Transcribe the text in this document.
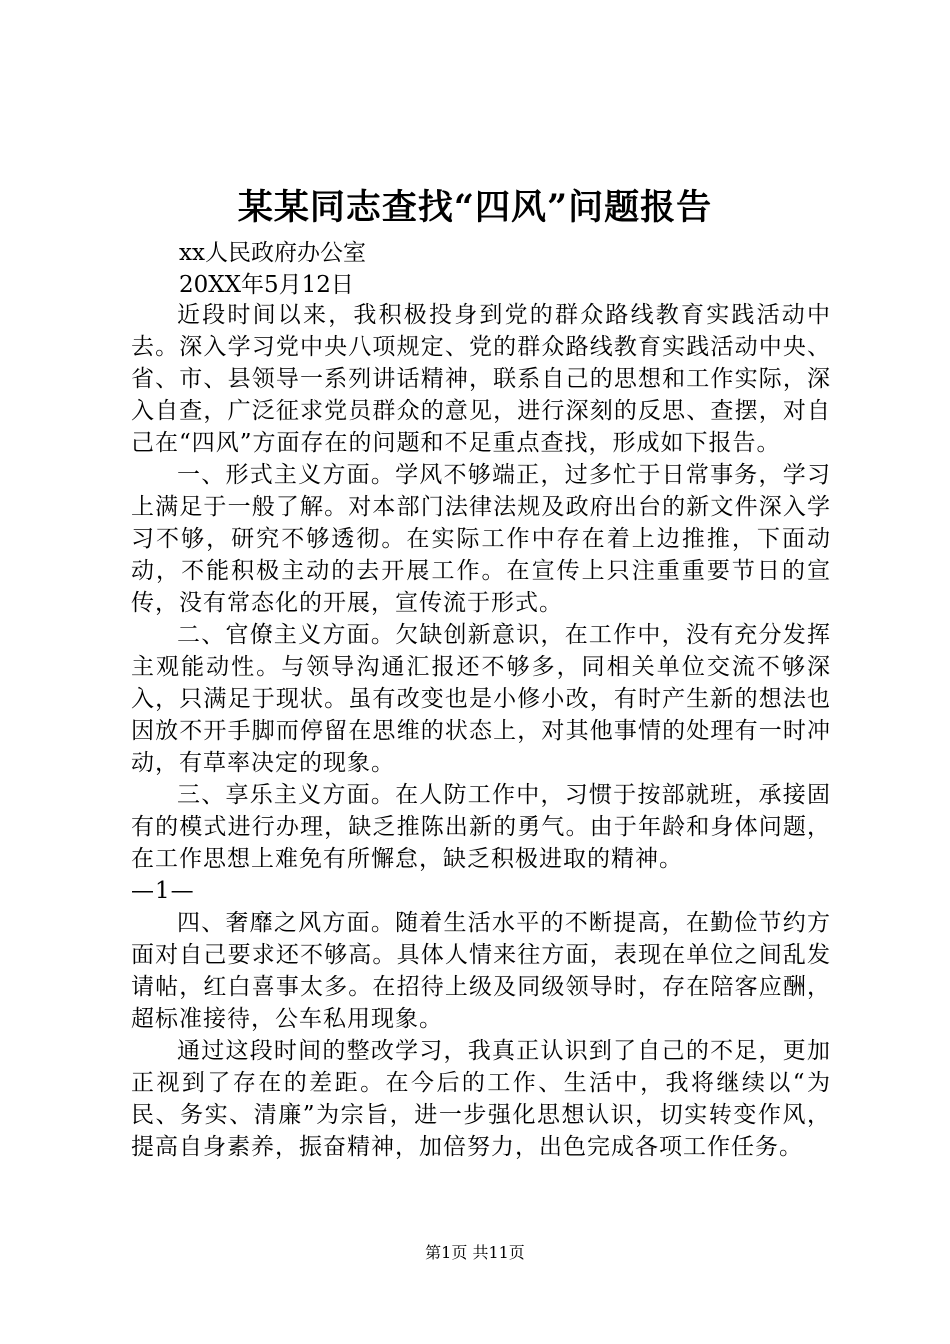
某某同志查找“四风”问题报告
xx人民政府办公室
20XX年5月12日

近段时间以来，我积极投身到党的群众路线教育实践活动中去。深入学习党中央八项规定、党的群众路线教育实践活动中央、省、市、县领导一系列讲话精神，联系自己的思想和工作实际，深入自查，广泛征求党员群众的意见，进行深刻的反思、查摆，对自己在“四风”方面存在的问题和不足重点查找，形成如下报告。

一、形式主义方面。学风不够端正，过多忙于日常事务，学习上满足于一般了解。对本部门法律法规及政府出台的新文件深入学习不够，研究不够透彻。在实际工作中存在着上边推推，下面动动，不能积极主动的去开展工作。在宣传上只注重重要节日的宣传，没有常态化的开展，宣传流于形式。

二、官僚主义方面。欠缺创新意识，在工作中，没有充分发挥主观能动性。与领导沟通汇报还不够多，同相关单位交流不够深入，只满足于现状。虽有改变也是小修小改，有时产生新的想法也因放不开手脚而停留在思维的状态上，对其他事情的处理有一时冲动，有草率决定的现象。

三、享乐主义方面。在人防工作中，习惯于按部就班，承接固有的模式进行办理，缺乏推陈出新的勇气。由于年龄和身体问题，在工作思想上难免有所懈怠，缺乏积极进取的精神。

—1—

四、奢靡之风方面。随着生活水平的不断提高，在勤俭节约方面对自己要求还不够高。具体人情来往方面，表现在单位之间乱发请帖，红白喜事太多。在招待上级及同级领导时，存在陪客应酬，超标准接待，公车私用现象。

通过这段时间的整改学习，我真正认识到了自己的不足，更加正视到了存在的差距。在今后的工作、生活中，我将继续以“为民、务实、清廉”为宗旨，进一步强化思想认识，切实转变作风，提高自身素养，振奋精神，加倍努力，出色完成各项工作任务。

第1页 共11页
